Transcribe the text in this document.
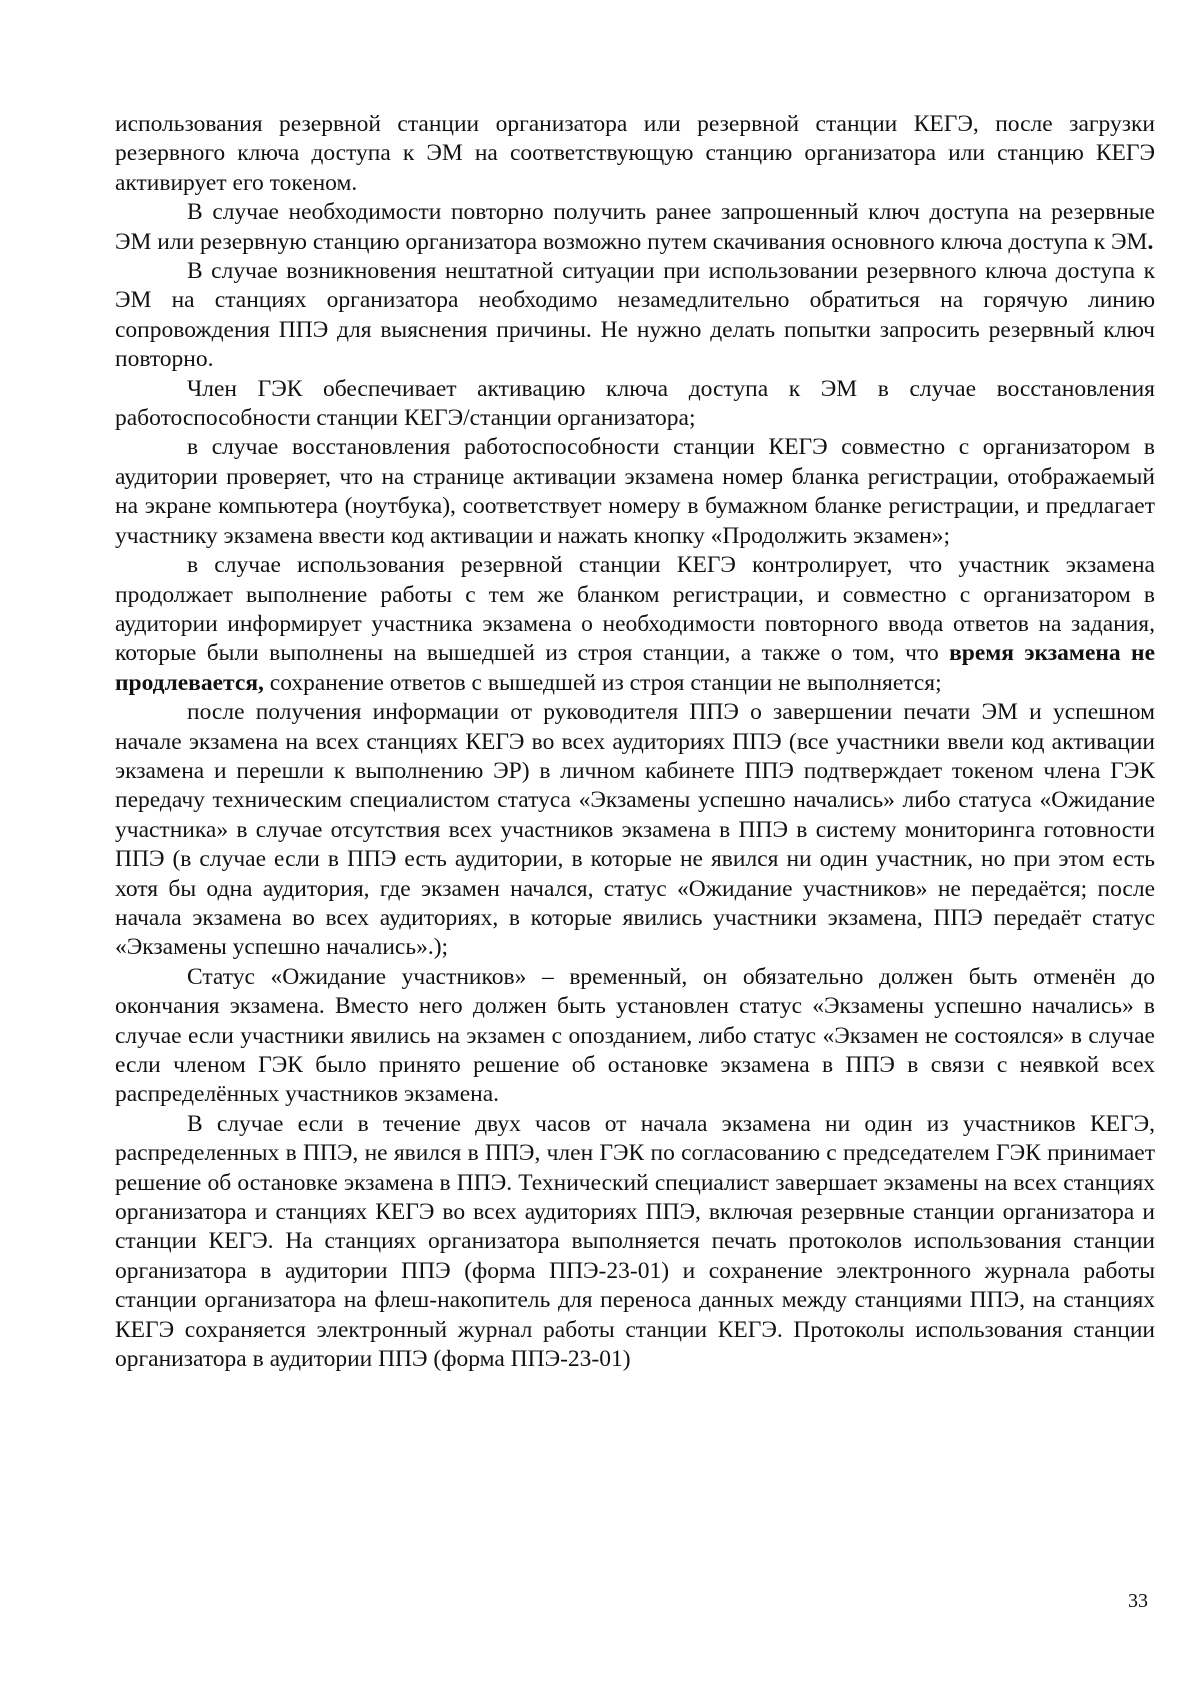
использования резервной станции организатора или резервной станции КЕГЭ, после загрузки резервного ключа доступа к ЭМ на соответствующую станцию организатора или станцию КЕГЭ активирует его токеном.

В случае необходимости повторно получить ранее запрошенный ключ доступа на резервные ЭМ или резервную станцию организатора возможно путем скачивания основного ключа доступа к ЭМ.

В случае возникновения нештатной ситуации при использовании резервного ключа доступа к ЭМ на станциях организатора необходимо незамедлительно обратиться на горячую линию сопровождения ППЭ для выяснения причины. Не нужно делать попытки запросить резервный ключ повторно.

Член ГЭК обеспечивает активацию ключа доступа к ЭМ в случае восстановления работоспособности станции КЕГЭ/станции организатора;

в случае восстановления работоспособности станции КЕГЭ совместно с организатором в аудитории проверяет, что на странице активации экзамена номер бланка регистрации, отображаемый на экране компьютера (ноутбука), соответствует номеру в бумажном бланке регистрации, и предлагает участнику экзамена ввести код активации и нажать кнопку «Продолжить экзамен»;

в случае использования резервной станции КЕГЭ контролирует, что участник экзамена продолжает выполнение работы с тем же бланком регистрации, и совместно с организатором в аудитории информирует участника экзамена о необходимости повторного ввода ответов на задания, которые были выполнены на вышедшей из строя станции, а также о том, что время экзамена не продлевается, сохранение ответов с вышедшей из строя станции не выполняется;

после получения информации от руководителя ППЭ о завершении печати ЭМ и успешном начале экзамена на всех станциях КЕГЭ во всех аудиториях ППЭ (все участники ввели код активации экзамена и перешли к выполнению ЭР) в личном кабинете ППЭ подтверждает токеном члена ГЭК передачу техническим специалистом статуса «Экзамены успешно начались» либо статуса «Ожидание участника» в случае отсутствия всех участников экзамена в ППЭ в систему мониторинга готовности ППЭ (в случае если в ППЭ есть аудитории, в которые не явился ни один участник, но при этом есть хотя бы одна аудитория, где экзамен начался, статус «Ожидание участников» не передаётся; после начала экзамена во всех аудиториях, в которые явились участники экзамена, ППЭ передаёт статус «Экзамены успешно начались».);

Статус «Ожидание участников» – временный, он обязательно должен быть отменён до окончания экзамена. Вместо него должен быть установлен статус «Экзамены успешно начались» в случае если участники явились на экзамен с опозданием, либо статус «Экзамен не состоялся» в случае если членом ГЭК было принято решение об остановке экзамена в ППЭ в связи с неявкой всех распределённых участников экзамена.

В случае если в течение двух часов от начала экзамена ни один из участников КЕГЭ, распределенных в ППЭ, не явился в ППЭ, член ГЭК по согласованию с председателем ГЭК принимает решение об остановке экзамена в ППЭ. Технический специалист завершает экзамены на всех станциях организатора и станциях КЕГЭ во всех аудиториях ППЭ, включая резервные станции организатора и станции КЕГЭ. На станциях организатора выполняется печать протоколов использования станции организатора в аудитории ППЭ (форма ППЭ-23-01) и сохранение электронного журнала работы станции организатора на флеш-накопитель для переноса данных между станциями ППЭ, на станциях КЕГЭ сохраняется электронный журнал работы станции КЕГЭ. Протоколы использования станции организатора в аудитории ППЭ (форма ППЭ-23-01)

33
